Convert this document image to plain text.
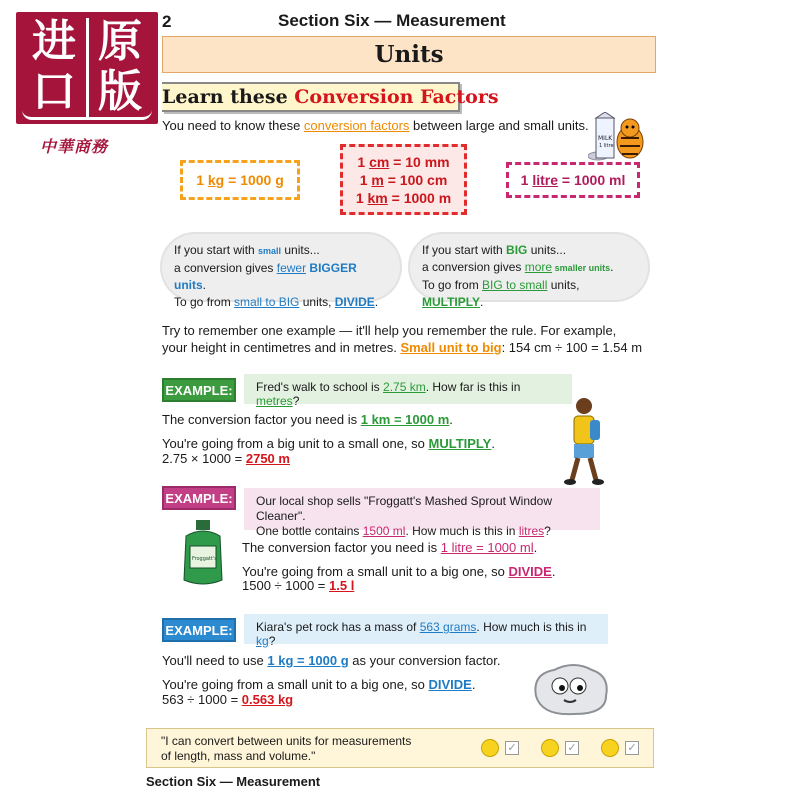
进 原
口 版
中華商務
2	Section Six — Measurement
Units
Learn these Conversion Factors
You need to know these conversion factors between large and small units.
MILK
1 litre
1 kg = 1000 g
1 cm = 10 mm
1 m = 100 cm
1 km = 1000 m
1 litre = 1000 ml
If you start with small units...
a conversion gives fewer BIGGER units.
To go from small to BIG units, DIVIDE.
If you start with BIG units...
a conversion gives more smaller units.
To go from BIG to small units, MULTIPLY.
Try to remember one example — it'll help you remember the rule. For example,
your height in centimetres and in metres. Small unit to big: 154 cm ÷ 100 = 1.54 m
EXAMPLE:	Fred's walk to school is 2.75 km. How far is this in metres?
The conversion factor you need is 1 km = 1000 m.
You're going from a big unit to a small one, so MULTIPLY.
2.75 × 1000 = 2750 m
EXAMPLE: Our local shop sells "Froggatt's Mashed Sprout Window Cleaner".
One bottle contains 1500 ml. How much is this in litres?
Froggatt's
The conversion factor you need is 1 litre = 1000 ml.
You're going from a small unit to a big one, so DIVIDE.
1500 ÷ 1000 = 1.5 l
EXAMPLE:	Kiara's pet rock has a mass of 563 grams. How much is this in kg?
You'll need to use 1 kg = 1000 g as your conversion factor.
You're going from a small unit to a big one, so DIVIDE.
563 ÷ 1000 = 0.563 kg
"I can convert between units for measurements
of length, mass and volume."
✓	✓	✓
Section Six — Measurement
